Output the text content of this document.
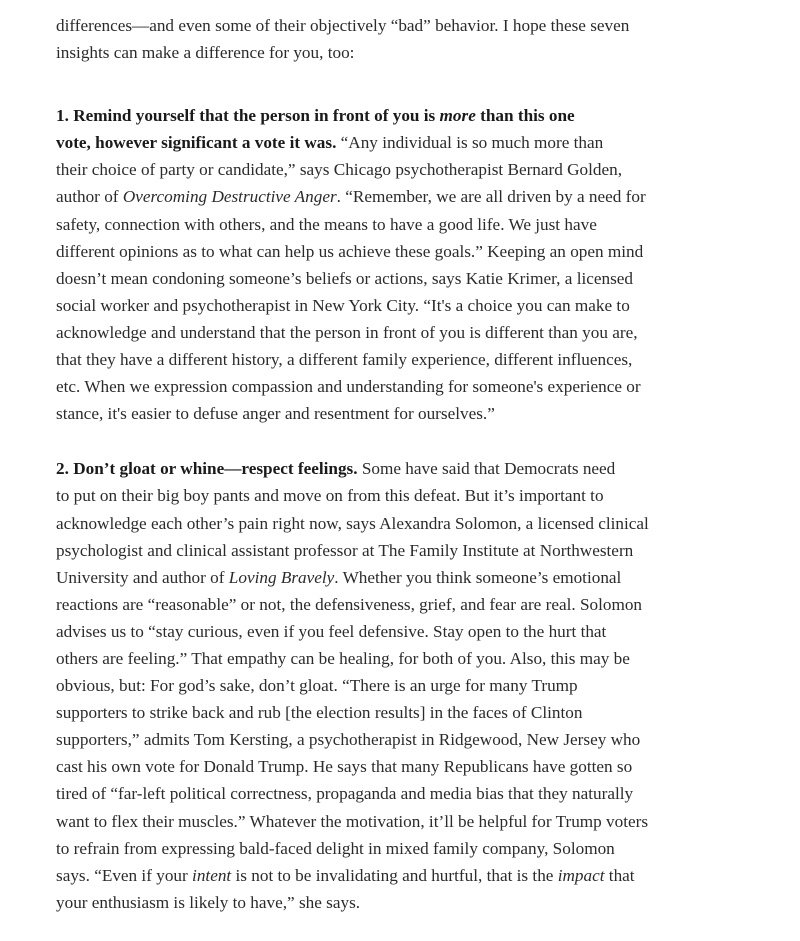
differences—and even some of their objectively “bad” behavior. I hope these seven
insights can make a difference for you, too:
1. Remind yourself that the person in front of you is more than this one
vote, however significant a vote it was. “Any individual is so much more than
their choice of party or candidate,” says Chicago psychotherapist Bernard Golden,
author of Overcoming Destructive Anger. “Remember, we are all driven by a need for
safety, connection with others, and the means to have a good life. We just have
different opinions as to what can help us achieve these goals.” Keeping an open mind
doesn’t mean condoning someone’s beliefs or actions, says Katie Krimer, a licensed
social worker and psychotherapist in New York City. “It's a choice you can make to
acknowledge and understand that the person in front of you is different than you are,
that they have a different history, a different family experience, different influences,
etc. When we expression compassion and understanding for someone's experience or
stance, it's easier to defuse anger and resentment for ourselves.”
2. Don’t gloat or whine—respect feelings. Some have said that Democrats need
to put on their big boy pants and move on from this defeat. But it’s important to
acknowledge each other’s pain right now, says Alexandra Solomon, a licensed clinical
psychologist and clinical assistant professor at The Family Institute at Northwestern
University and author of Loving Bravely. Whether you think someone’s emotional
reactions are “reasonable” or not, the defensiveness, grief, and fear are real. Solomon
advises us to “stay curious, even if you feel defensive. Stay open to the hurt that
others are feeling.” That empathy can be healing, for both of you. Also, this may be
obvious, but: For god’s sake, don’t gloat. “There is an urge for many Trump
supporters to strike back and rub [the election results] in the faces of Clinton
supporters,” admits Tom Kersting, a psychotherapist in Ridgewood, New Jersey who
cast his own vote for Donald Trump. He says that many Republicans have gotten so
tired of “far-left political correctness, propaganda and media bias that they naturally
want to flex their muscles.” Whatever the motivation, it’ll be helpful for Trump voters
to refrain from expressing bald-faced delight in mixed family company, Solomon
says. “Even if your intent is not to be invalidating and hurtful, that is the impact that
your enthusiasm is likely to have,” she says.
